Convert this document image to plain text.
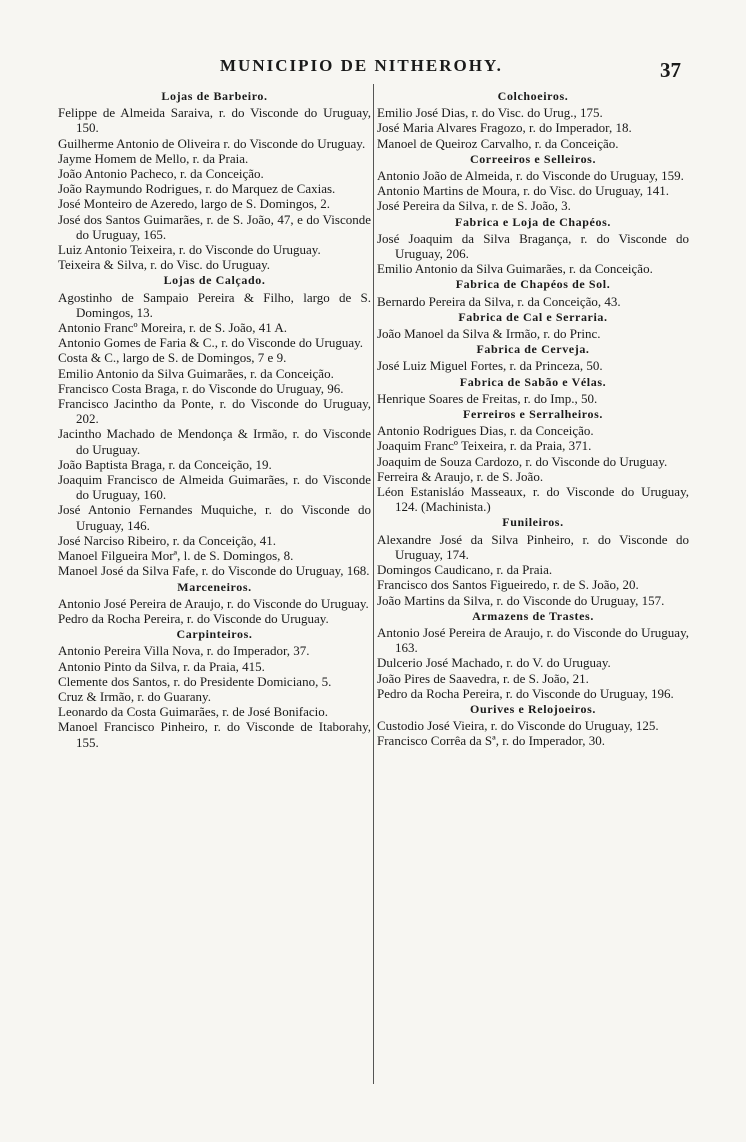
MUNICIPIO DE NITHEROHY.	37
Lojas de Barbeiro.

Felippe de Almeida Saraiva, r. do Visconde do Uruguay, 150.

Guilherme Antonio de Oliveira r. do Visconde do Uruguay.

Jayme Homem de Mello, r. da Praia.

João Antonio Pacheco, r. da Conceição.

João Raymundo Rodrigues, r. do Marquez de Caxias.

José Monteiro de Azeredo, largo de S. Domingos, 2.

José dos Santos Guimarães, r. de S. João, 47, e do Visconde do Uruguay, 165.

Luiz Antonio Teixeira, r. do Visconde do Uruguay.

Teixeira & Silva, r. do Visc. do Uruguay.

Lojas de Calçado.

Agostinho de Sampaio Pereira & Filho, largo de S. Domingos, 13.

Antonio Francº Moreira, r. de S. João, 41 A.

Antonio Gomes de Faria & C., r. do Visconde do Uruguay.

Costa & C., largo de S. de Domingos, 7 e 9.

Emilio Antonio da Silva Guimarães, r. da Conceição.

Francisco Costa Braga, r. do Visconde do Uruguay, 96.

Francisco Jacintho da Ponte, r. do Visconde do Uruguay, 202.

Jacintho Machado de Mendonça & Irmão, r. do Visconde do Uruguay.

João Baptista Braga, r. da Conceição, 19.

Joaquim Francisco de Almeida Guimarães, r. do Visconde do Uruguay, 160.

José Antonio Fernandes Muquiche, r. do Visconde do Uruguay, 146.

José Narciso Ribeiro, r. da Conceição, 41.

Manoel Filgueira Morª, l. de S. Domingos, 8.

Manoel José da Silva Fafe, r. do Visconde do Uruguay, 168.

Marceneiros.

Antonio José Pereira de Araujo, r. do Visconde do Uruguay.

Pedro da Rocha Pereira, r. do Visconde do Uruguay.

Carpinteiros.

Antonio Pereira Villa Nova, r. do Imperador, 37.

Antonio Pinto da Silva, r. da Praia, 415.

Clemente dos Santos, r. do Presidente Domiciano, 5.

Cruz & Irmão, r. do Guarany.

Leonardo da Costa Guimarães, r. de José Bonifacio.

Manoel Francisco Pinheiro, r. do Visconde de Itaborahy, 155.

Colchoeiros.

Emilio José Dias, r. do Visc. do Urug., 175.

José Maria Alvares Fragozo, r. do Imperador, 18.

Manoel de Queiroz Carvalho, r. da Conceição.

Correeiros e Selleiros.

Antonio João de Almeida, r. do Visconde do Uruguay, 159.

Antonio Martins de Moura, r. do Visc. do Uruguay, 141.

José Pereira da Silva, r. de S. João, 3.

Fabrica e Loja de Chapéos.

José Joaquim da Silva Bragança, r. do Visconde do Uruguay, 206.

Emilio Antonio da Silva Guimarães, r. da Conceição.

Fabrica de Chapéos de Sol.

Bernardo Pereira da Silva, r. da Conceição, 43.

Fabrica de Cal e Serraria.

João Manoel da Silva & Irmão, r. do Princ.

Fabrica de Cerveja.

José Luiz Miguel Fortes, r. da Princeza, 50.

Fabrica de Sabão e Vélas.

Henrique Soares de Freitas, r. do Imp., 50.

Ferreiros e Serralheiros.

Antonio Rodrigues Dias, r. da Conceição.

Joaquim Francº Teixeira, r. da Praia, 371.

Joaquim de Souza Cardozo, r. do Visconde do Uruguay.

Ferreira & Araujo, r. de S. João.

Léon Estanisláo Masseaux, r. do Visconde do Uruguay, 124. (Machinista.)

Funileiros.

Alexandre José da Silva Pinheiro, r. do Visconde do Uruguay, 174.

Domingos Caudicano, r. da Praia.

Francisco dos Santos Figueiredo, r. de S. João, 20.

João Martins da Silva, r. do Visconde do Uruguay, 157.

Armazens de Trastes.

Antonio José Pereira de Araujo, r. do Visconde do Uruguay, 163.

Dulcerio José Machado, r. do V. do Uruguay.

João Pires de Saavedra, r. de S. João, 21.

Pedro da Rocha Pereira, r. do Visconde do Uruguay, 196.

Ourives e Relojoeiros.

Custodio José Vieira, r. do Visconde do Uruguay, 125.

Francisco Corrêa da Sª, r. do Imperador, 30.
